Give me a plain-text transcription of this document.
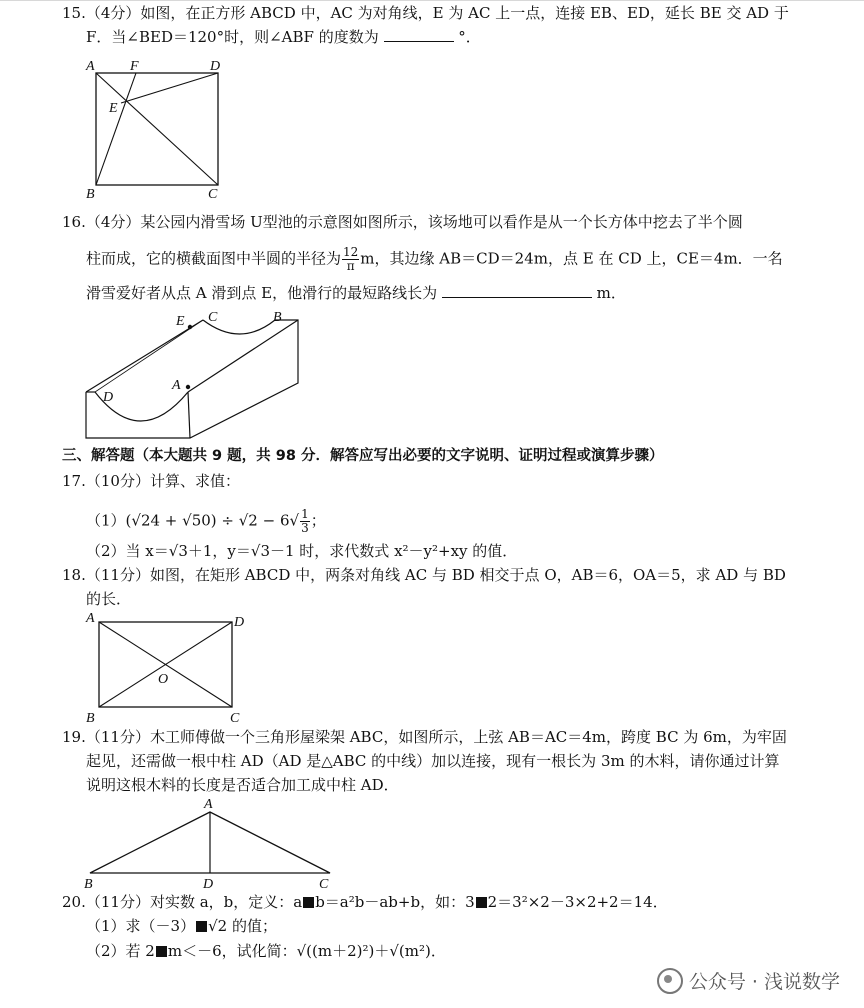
15.（4分）如图，在正方形 ABCD 中，AC 为对角线，E 为 AC 上一点，连接 EB、ED，延长 BE 交 AD 于
F．当∠BED＝120°时，则∠ABF 的度数为	°．
A	F	D
E
B	C
16.（4分）某公园内滑雪场 U型池的示意图如图所示，该场地可以看作是从一个长方体中挖去了半个圆
柱而成，它的横截面图中半圆的半径为 $\frac{12}{\pi}$ m，其边缘 AB＝CD＝24m，点 E 在 CD 上，CE＝4m．一名
滑雪爱好者从点 A 滑到点 E，他滑行的最短路线长为	m．
E C	B
A
D
三、解答题（本大题共 9 题，共 98 分．解答应写出必要的文字说明、证明过程或演算步骤）
17.（10分）计算、求值：
$(1)(√24 + √50) \div √2 - 6√ \frac{1}{3}$ ；
（2）当 x＝√3＋1，y＝√3－1 时，求代数式 x²－y²+xy 的值．
18.（11分）如图，在矩形 ABCD 中，两条对角线 AC 与 BD 相交于点 O，AB＝6，OA＝5，求 AD 与 BD
的长．
A	D
O
B	C
19.（11分）木工师傅做一个三角形屋梁架 ABC，如图所示，上弦 AB＝AC＝4m，跨度 BC 为 6m，为牢固
起见，还需做一根中柱 AD（AD 是△ABC 的中线）加以连接，现有一根长为 3m 的木料，请你通过计算
说明这根木料的长度是否适合加工成中柱 AD．
A
B	D	C
20.（11分）对实数 a，b，定义：a b＝a²b－ab+b，如：3 2＝3²×2－3×2+2＝14．
（1）求（－3） √2 的值；
（2）若 2 m＜－6，试化简：√((m＋2)²)＋√(m²)．
公众号 · 浅说数学
